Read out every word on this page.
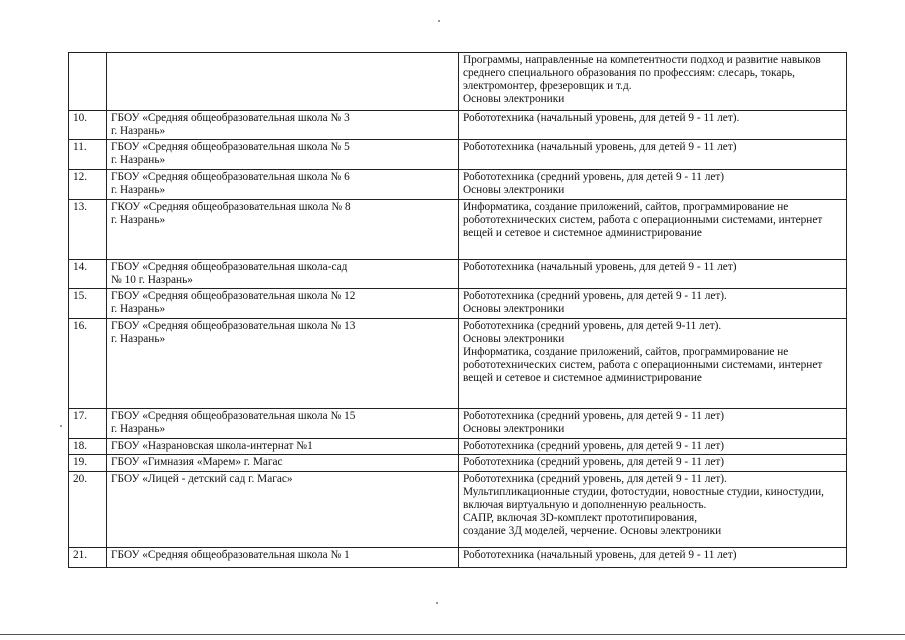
		Программы, направленные на компетентности подход и развитие навыков среднего специального образования по профессиям: слесарь, токарь, электромонтер, фрезеровщик и т.д.
Основы электроники
10.	ГБОУ «Средняя общеобразовательная школа № 3
г. Назрань»	Робототехника (начальный уровень, для детей 9 - 11 лет).
11.	ГБОУ «Средняя общеобразовательная школа № 5
г. Назрань»	Робототехника (начальный уровень, для детей 9 - 11 лет)
12.	ГБОУ «Средняя общеобразовательная школа № 6
г. Назрань»	Робототехника (средний уровень, для детей 9 - 11 лет)
Основы электроники
13.	ГКОУ «Средняя общеобразовательная школа № 8
г. Назрань»	Информатика, создание приложений, сайтов, программирование не робототехнических систем, работа с операционными системами, интернет вещей и сетевое и системное администрирование
14.	ГБОУ «Средняя общеобразовательная школа-сад
№ 10 г. Назрань»	Робототехника (начальный уровень, для детей 9 - 11 лет)
15.	ГБОУ «Средняя общеобразовательная школа № 12
г. Назрань»	Робототехника (средний уровень, для детей 9 - 11 лет).
Основы электроники
16.	ГБОУ «Средняя общеобразовательная школа № 13
г. Назрань»	Робототехника (средний уровень, для детей 9-11 лет).
Основы электроники
Информатика, создание приложений, сайтов, программирование не робототехнических систем, работа с операционными системами, интернет вещей и сетевое и системное администрирование
17.	ГБОУ «Средняя общеобразовательная школа № 15
г. Назрань»	Робототехника (средний уровень, для детей 9 - 11 лет)
Основы электроники
18.	ГБОУ «Назрановская школа-интернат №1	Робототехника (средний уровень, для детей 9 - 11 лет)
19.	ГБОУ «Гимназия «Марем» г. Магас	Робототехника (средний уровень, для детей 9 - 11 лет)
20.	ГБОУ «Лицей - детский сад г. Магас»	Робототехника (средний уровень, для детей 9 - 11 лет).
Мультипликационные студии, фотостудии, новостные студии, киностудии, включая виртуальную и дополненную реальность.
САПР, включая 3D-комплект прототипирования,
создание 3Д моделей, черчение. Основы электроники
21.	ГБОУ «Средняя общеобразовательная школа № 1	Робототехника (начальный уровень, для детей 9 - 11 лет)
